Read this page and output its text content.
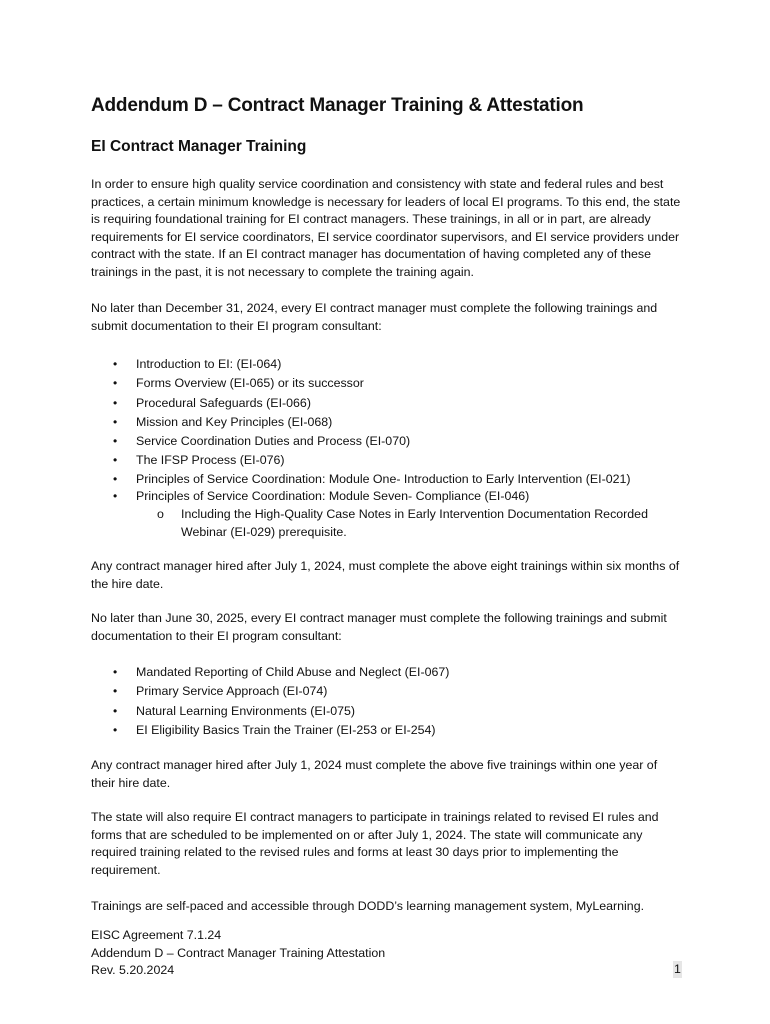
Addendum D – Contract Manager Training & Attestation
EI Contract Manager Training

In order to ensure high quality service coordination and consistency with state and federal rules and best practices, a certain minimum knowledge is necessary for leaders of local EI programs. To this end, the state is requiring foundational training for EI contract managers. These trainings, in all or in part, are already requirements for EI service coordinators, EI service coordinator supervisors, and EI service providers under contract with the state. If an EI contract manager has documentation of having completed any of these trainings in the past, it is not necessary to complete the training again.

No later than December 31, 2024, every EI contract manager must complete the following trainings and submit documentation to their EI program consultant:

• Introduction to EI: (EI-064)
• Forms Overview (EI-065) or its successor
• Procedural Safeguards (EI-066)
• Mission and Key Principles (EI-068)
• Service Coordination Duties and Process (EI-070)
• The IFSP Process (EI-076)
• Principles of Service Coordination: Module One- Introduction to Early Intervention (EI-021)
• Principles of Service Coordination: Module Seven- Compliance (EI-046)
o Including the High-Quality Case Notes in Early Intervention Documentation Recorded Webinar (EI-029) prerequisite.

Any contract manager hired after July 1, 2024, must complete the above eight trainings within six months of the hire date.

No later than June 30, 2025, every EI contract manager must complete the following trainings and submit documentation to their EI program consultant:

• Mandated Reporting of Child Abuse and Neglect (EI-067)
• Primary Service Approach (EI-074)
• Natural Learning Environments (EI-075)
• EI Eligibility Basics Train the Trainer (EI-253 or EI-254)

Any contract manager hired after July 1, 2024 must complete the above five trainings within one year of their hire date.

The state will also require EI contract managers to participate in trainings related to revised EI rules and forms that are scheduled to be implemented on or after July 1, 2024. The state will communicate any required training related to the revised rules and forms at least 30 days prior to implementing the requirement.

Trainings are self-paced and accessible through DODD’s learning management system, MyLearning.

EISC Agreement 7.1.24
Addendum D – Contract Manager Training Attestation
Rev. 5.20.2024	1
